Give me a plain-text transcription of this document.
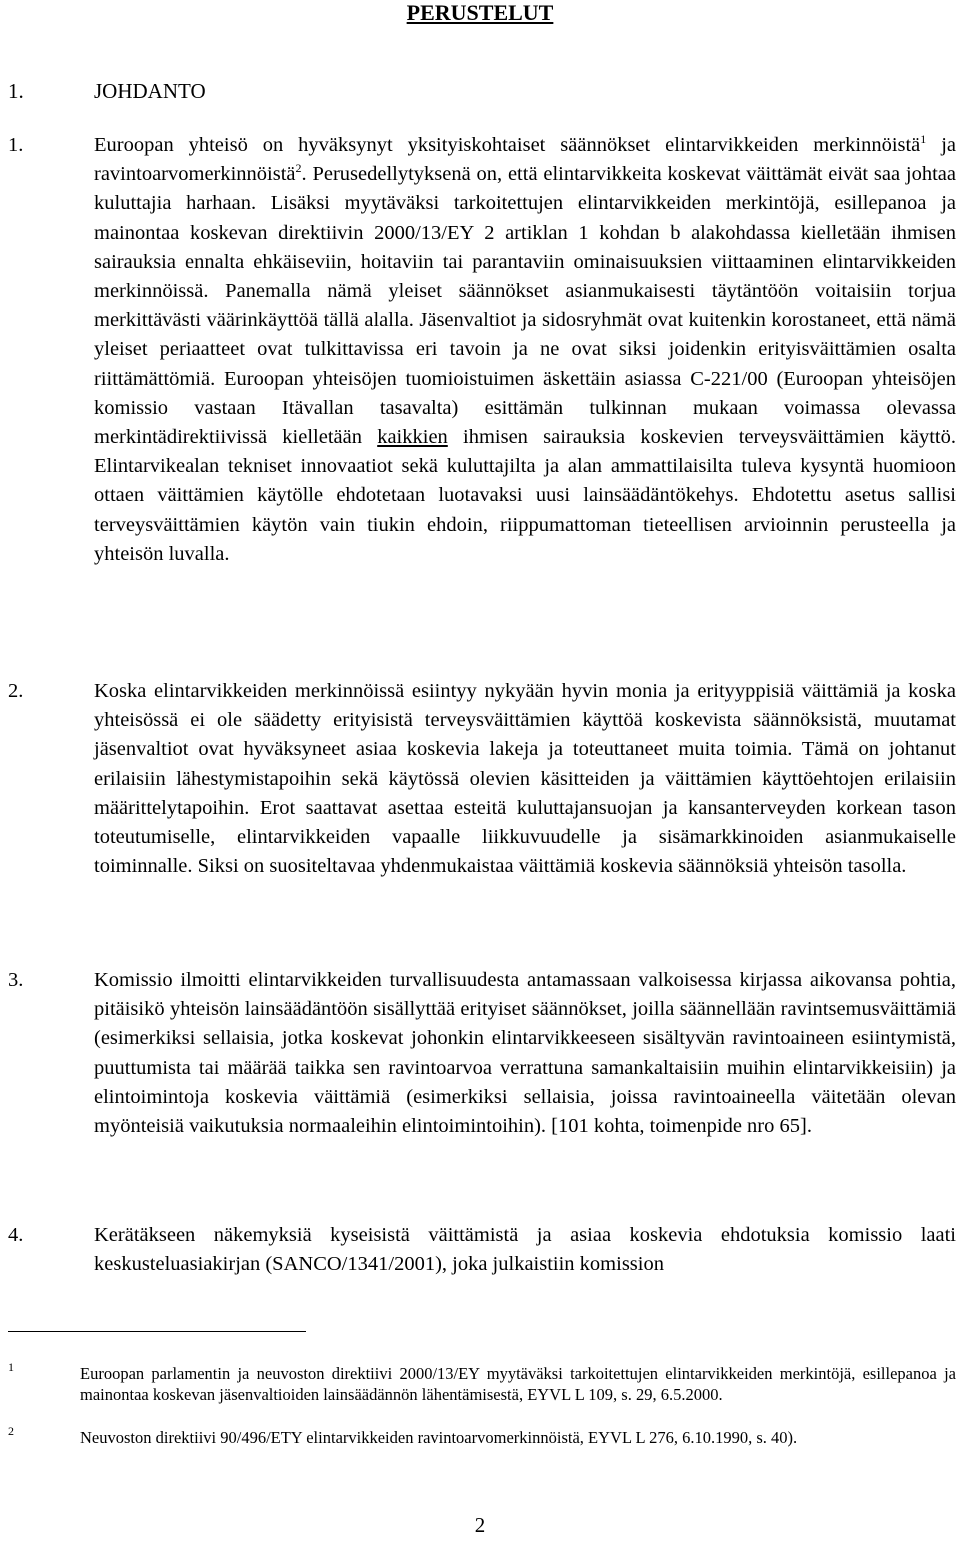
PERUSTELUT
1.	JOHDANTO
1.	Euroopan yhteisö on hyväksynyt yksityiskohtaiset säännökset elintarvikkeiden merkinnöistä$^1$ ja ravintoarvomerkinnöistä$^2$. Perusedellytyksenä on, että elintarvikkeita koskevat väittämät eivät saa johtaa kuluttajia harhaan. Lisäksi myytäväksi tarkoitettujen elintarvikkeiden merkintöjä, esillepanoa ja mainontaa koskevan direktiivin 2000/13/EY 2 artiklan 1 kohdan b alakohdassa kielletään ihmisen sairauksia ennalta ehkäiseviin, hoitaviin tai parantaviin ominaisuuksien viittaaminen elintarvikkeiden merkinnöissä. Panemalla nämä yleiset säännökset asianmukaisesti täytäntöön voitaisiin torjua merkittävästi väärinkäyttöä tällä alalla. Jäsenvaltiot ja sidosryhmät ovat kuitenkin korostaneet, että nämä yleiset periaatteet ovat tulkittavissa eri tavoin ja ne ovat siksi joidenkin erityisväittämien osalta riittämättömiä. Euroopan yhteisöjen tuomioistuimen äskettäin asiassa C-221/00 (Euroopan yhteisöjen komissio vastaan Itävallan tasavalta) esittämän tulkinnan mukaan voimassa olevassa merkintädirektiivissä kielletään kaikkien ihmisen sairauksia koskevien terveysväittämien käyttö. Elintarvikealan tekniset innovaatiot sekä kuluttajilta ja alan ammattilaisilta tuleva kysyntä huomioon ottaen väittämien käytölle ehdotetaan luotavaksi uusi lainsäädäntökehys. Ehdotettu asetus sallisi terveysväittämien käytön vain tiukin ehdoin, riippumattoman tieteellisen arvioinnin perusteella ja yhteisön luvalla.
2.	Koska elintarvikkeiden merkinnöissä esiintyy nykyään hyvin monia ja erityyppisiä väittämiä ja koska yhteisössä ei ole säädetty erityisistä terveysväittämien käyttöä koskevista säännöksistä, muutamat jäsenvaltiot ovat hyväksyneet asiaa koskevia lakeja ja toteuttaneet muita toimia. Tämä on johtanut erilaisiin lähestymistapoihin sekä käytössä olevien käsitteiden ja väittämien käyttöehtojen erilaisiin määrittelytapoihin. Erot saattavat asettaa esteitä kuluttajansuojan ja kansanterveyden korkean tason toteutumiselle, elintarvikkeiden vapaalle liikkuvuudelle ja sisämarkkinoiden asianmukaiselle toiminnalle. Siksi on suositeltavaa yhdenmukaistaa väittämiä koskevia säännöksiä yhteisön tasolla.
3.	Komissio ilmoitti elintarvikkeiden turvallisuudesta antamassaan valkoisessa kirjassa aikovansa pohtia, pitäisikö yhteisön lainsäädäntöön sisällyttää erityiset säännökset, joilla säännellään ravintsemusväittämiä (esimerkiksi sellaisia, jotka koskevat johonkin elintarvikkeeseen sisältyvän ravintoaineen esiintymistä, puuttumista tai määrää taikka sen ravintoarvoa verrattuna samankaltaisiin muihin elintarvikkeisiin) ja elintoimintoja koskevia väittämiä (esimerkiksi sellaisia, joissa ravintoaineella väitetään olevan myönteisiä vaikutuksia normaaleihin elintoimintoihin). [101 kohta, toimenpide nro 65].
4.	Kerätäkseen näkemyksiä kyseisistä väittämistä ja asiaa koskevia ehdotuksia komissio laati keskusteluasiakirjan (SANCO/1341/2001), joka julkaistiin komission
1	Euroopan parlamentin ja neuvoston direktiivi 2000/13/EY myytäväksi tarkoitettujen elintarvikkeiden merkintöjä, esillepanoa ja mainontaa koskevan jäsenvaltioiden lainsäädännön lähentämisestä, EYVL L 109, s. 29, 6.5.2000.
2	Neuvoston direktiivi 90/496/ETY elintarvikkeiden ravintoarvomerkinnöistä, EYVL L 276, 6.10.1990, s. 40).
2
